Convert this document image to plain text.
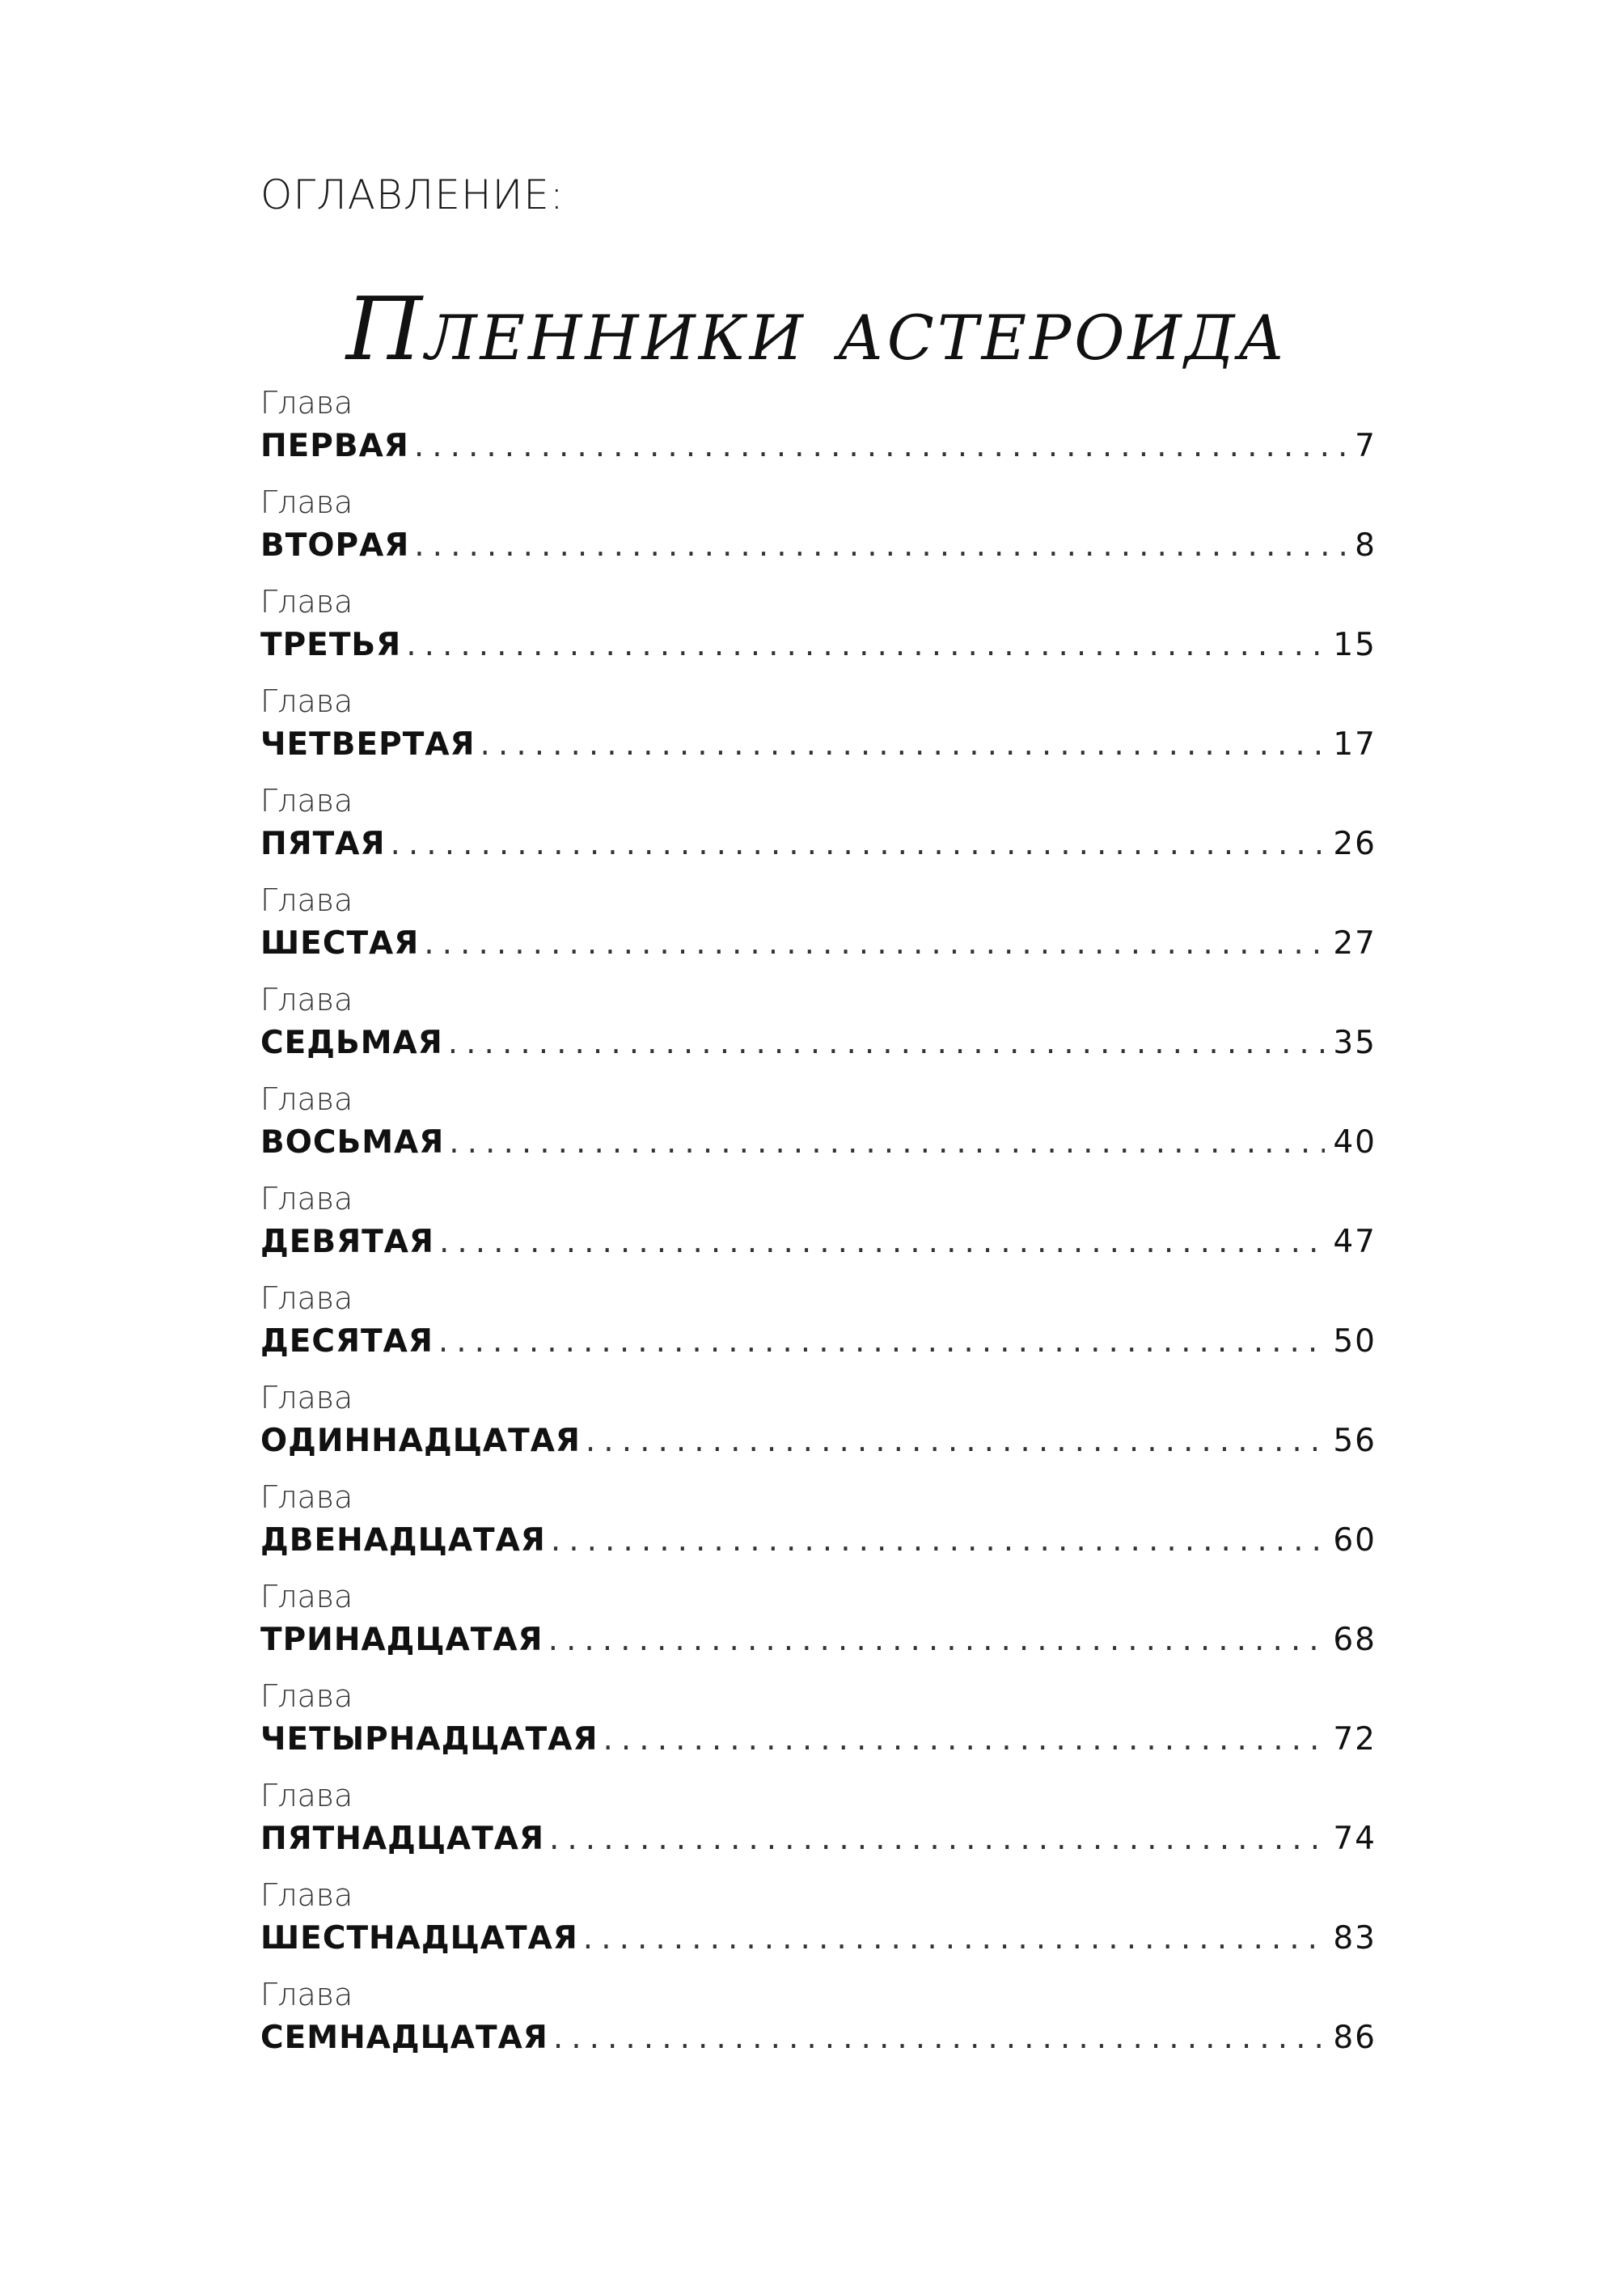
ОГЛАВЛЕНИЕ:
Пленники астероида
Глава
ПЕРВАЯ .....	7
Глава
ВТОРАЯ .....	8
Глава
ТРЕТЬЯ .....	15
Глава
ЧЕТВЕРТАЯ .....	17
Глава
ПЯТАЯ .....	26
Глава
ШЕСТАЯ .....	27
Глава
СЕДЬМАЯ .....	35
Глава
ВОСЬМАЯ .....	40
Глава
ДЕВЯТАЯ .....	47
Глава
ДЕСЯТАЯ .....	50
Глава
ОДИННАДЦАТАЯ .....	56
Глава
ДВЕНАДЦАТАЯ .....	60
Глава
ТРИНАДЦАТАЯ .....	68
Глава
ЧЕТЫРНАДЦАТАЯ .....	72
Глава
ПЯТНАДЦАТАЯ .....	74
Глава
ШЕСТНАДЦАТАЯ .....	83
Глава
СЕМНАДЦАТАЯ .....	86
